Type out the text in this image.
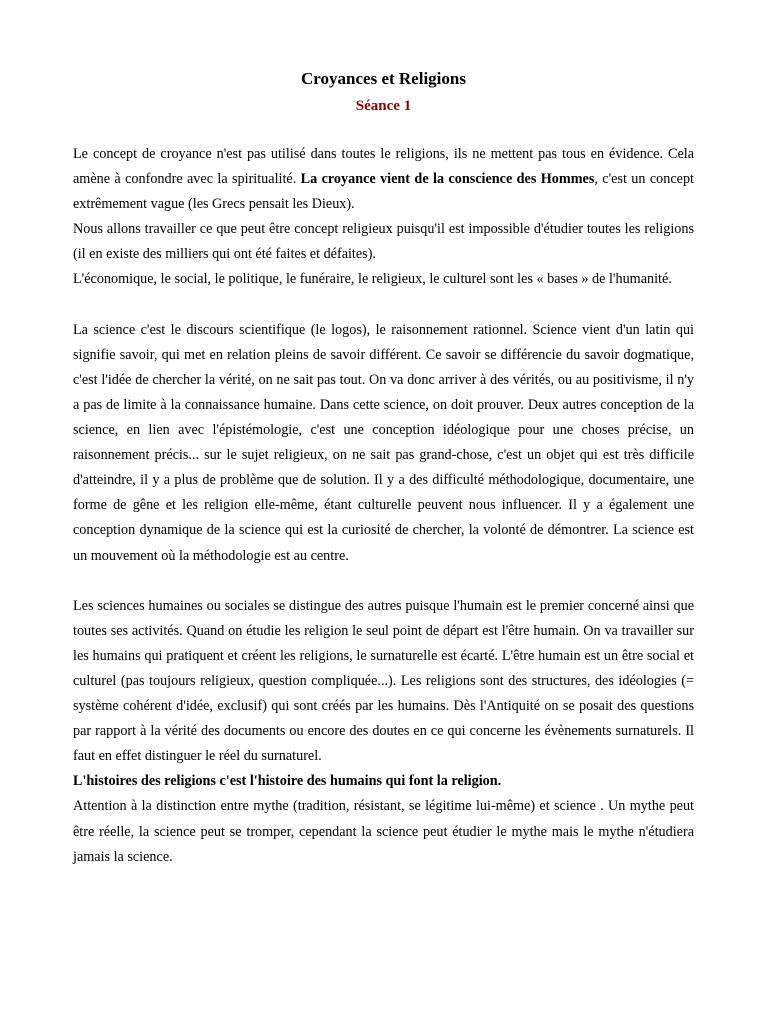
Croyances et Religions
Séance 1

Le concept de croyance n'est pas utilisé dans toutes le religions, ils ne mettent pas tous en évidence. Cela amène à confondre avec la spiritualité. La croyance vient de la conscience des Hommes, c'est un concept extrêmement vague (les Grecs pensait les Dieux).

Nous allons travailler ce que peut être concept religieux puisqu'il est impossible d'étudier toutes les religions (il en existe des milliers qui ont été faites et défaites).

L'économique, le social, le politique, le funéraire, le religieux, le culturel sont les « bases » de l'humanité.

La science c'est le discours scientifique (le logos), le raisonnement rationnel. Science vient d'un latin qui signifie savoir, qui met en relation pleins de savoir différent. Ce savoir se différencie du savoir dogmatique, c'est l'idée de chercher la vérité, on ne sait pas tout. On va donc arriver à des vérités, ou au positivisme, il n'y a pas de limite à la connaissance humaine. Dans cette science, on doit prouver. Deux autres conception de la science, en lien avec l'épistémologie, c'est une conception idéologique pour une choses précise, un raisonnement précis... sur le sujet religieux, on ne sait pas grand-chose, c'est un objet qui est très difficile d'atteindre, il y a plus de problème que de solution. Il y a des difficulté méthodologique, documentaire, une forme de gêne et les religion elle-même, étant culturelle peuvent nous influencer. Il y a également une conception dynamique de la science qui est la curiosité de chercher, la volonté de démontrer. La science est un mouvement où la méthodologie est au centre.

Les sciences humaines ou sociales se distingue des autres puisque l'humain est le premier concerné ainsi que toutes ses activités. Quand on étudie les religion le seul point de départ est l'être humain. On va travailler sur les humains qui pratiquent et créent les religions, le surnaturelle est écarté. L'être humain est un être social et culturel (pas toujours religieux, question compliquée...). Les religions sont des structures, des idéologies (= système cohérent d'idée, exclusif) qui sont créés par les humains. Dès l'Antiquité on se posait des questions par rapport à la vérité des documents ou encore des doutes en ce qui concerne les évènements surnaturels. Il faut en effet distinguer le réel du surnaturel.

L'histoires des religions c'est l'histoire des humains qui font la religion.

Attention à la distinction entre mythe (tradition, résistant, se légitime lui-même) et science . Un mythe peut être réelle, la science peut se tromper, cependant la science peut étudier le mythe mais le mythe n'étudiera jamais la science.
